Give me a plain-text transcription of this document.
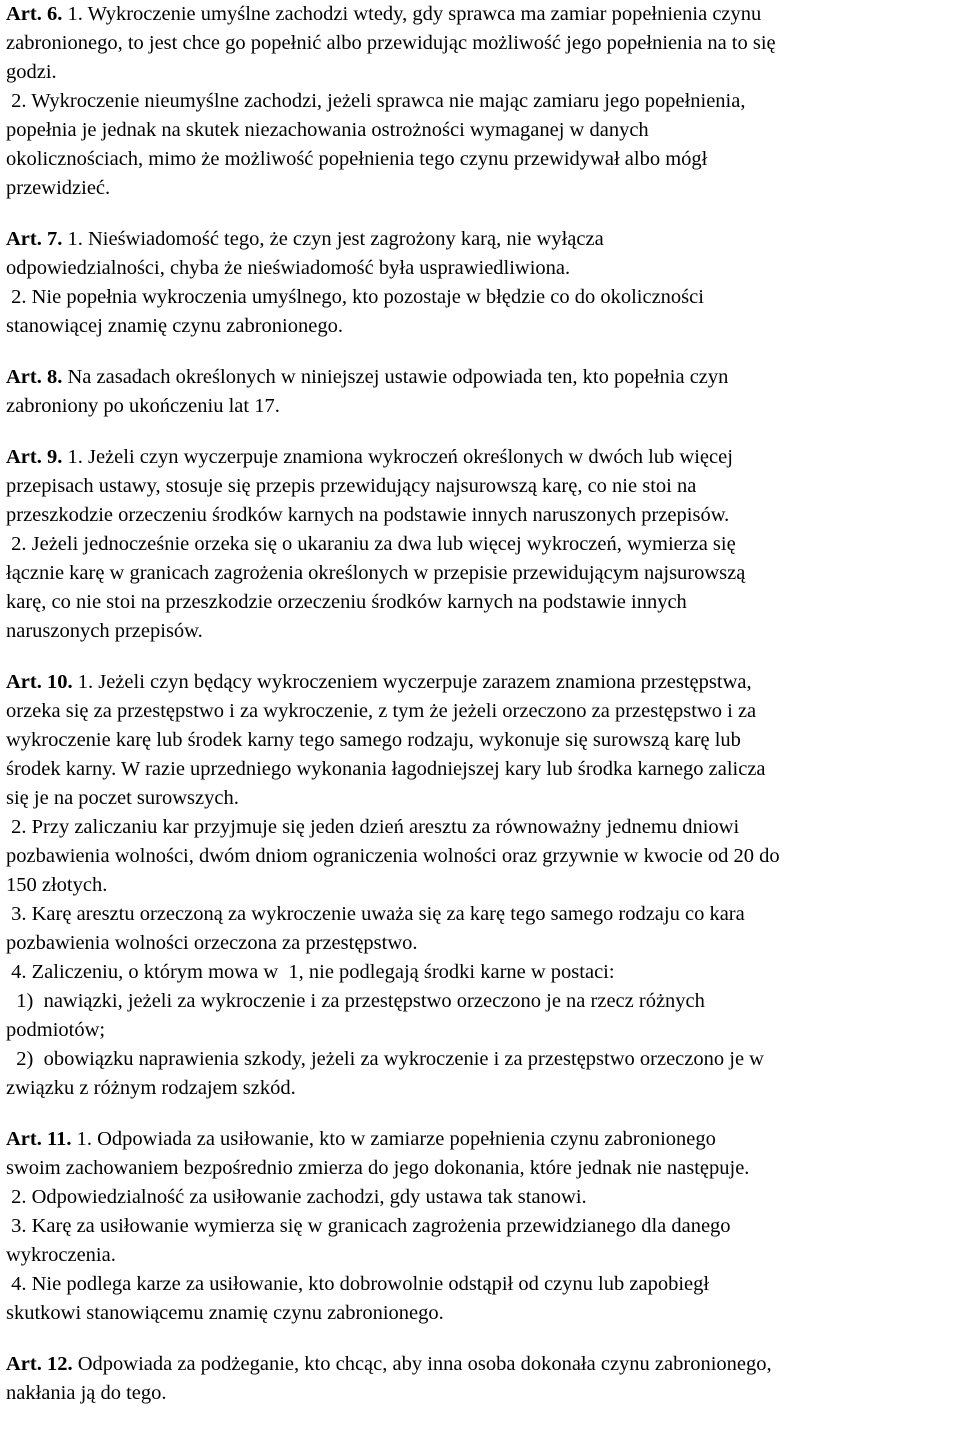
Art. 6. 1. Wykroczenie umyślne zachodzi wtedy, gdy sprawca ma zamiar popełnienia czynu
zabronionego, to jest chce go popełnić albo przewidując możliwość jego popełnienia na to się
godzi.
2. Wykroczenie nieumyślne zachodzi, jeżeli sprawca nie mając zamiaru jego popełnienia,
popełnia je jednak na skutek niezachowania ostrożności wymaganej w danych
okolicznościach, mimo że możliwość popełnienia tego czynu przewidywał albo mógł
przewidzieć.
Art. 7. 1. Nieświadomość tego, że czyn jest zagrożony karą, nie wyłącza
odpowiedzialności, chyba że nieświadomość była usprawiedliwiona.
2. Nie popełnia wykroczenia umyślnego, kto pozostaje w błędzie co do okoliczności
stanowiącej znamię czynu zabronionego.
Art. 8. Na zasadach określonych w niniejszej ustawie odpowiada ten, kto popełnia czyn
zabroniony po ukończeniu lat 17.
Art. 9. 1. Jeżeli czyn wyczerpuje znamiona wykroczeń określonych w dwóch lub więcej
przepisach ustawy, stosuje się przepis przewidujący najsurowszą karę, co nie stoi na
przeszkodzie orzeczeniu środków karnych na podstawie innych naruszonych przepisów.
2. Jeżeli jednocześnie orzeka się o ukaraniu za dwa lub więcej wykroczeń, wymierza się
łącznie karę w granicach zagrożenia określonych w przepisie przewidującym najsurowszą
karę, co nie stoi na przeszkodzie orzeczeniu środków karnych na podstawie innych
naruszonych przepisów.
Art. 10. 1. Jeżeli czyn będący wykroczeniem wyczerpuje zarazem znamiona przestępstwa,
orzeka się za przestępstwo i za wykroczenie, z tym że jeżeli orzeczono za przestępstwo i za
wykroczenie karę lub środek karny tego samego rodzaju, wykonuje się surowszą karę lub
środek karny. W razie uprzedniego wykonania łagodniejszej kary lub środka karnego zalicza
się je na poczet surowszych.
2. Przy zaliczaniu kar przyjmuje się jeden dzień aresztu za równoważny jednemu dniowi
pozbawienia wolności, dwóm dniom ograniczenia wolności oraz grzywnie w kwocie od 20 do
150 złotych.
3. Karę aresztu orzeczoną za wykroczenie uważa się za karę tego samego rodzaju co kara
pozbawienia wolności orzeczona za przestępstwo.
4. Zaliczeniu, o którym mowa w  1, nie podlegają środki karne w postaci:
1)  nawiązki, jeżeli za wykroczenie i za przestępstwo orzeczono je na rzecz różnych
podmiotów;
2)  obowiązku naprawienia szkody, jeżeli za wykroczenie i za przestępstwo orzeczono je w
związku z różnym rodzajem szkód.
Art. 11. 1. Odpowiada za usiłowanie, kto w zamiarze popełnienia czynu zabronionego
swoim zachowaniem bezpośrednio zmierza do jego dokonania, które jednak nie następuje.
2. Odpowiedzialność za usiłowanie zachodzi, gdy ustawa tak stanowi.
3. Karę za usiłowanie wymierza się w granicach zagrożenia przewidzianego dla danego
wykroczenia.
4. Nie podlega karze za usiłowanie, kto dobrowolnie odstąpił od czynu lub zapobiegł
skutkowi stanowiącemu znamię czynu zabronionego.
Art. 12. Odpowiada za podżeganie, kto chcąc, aby inna osoba dokonała czynu zabronionego,
nakłania ją do tego.
